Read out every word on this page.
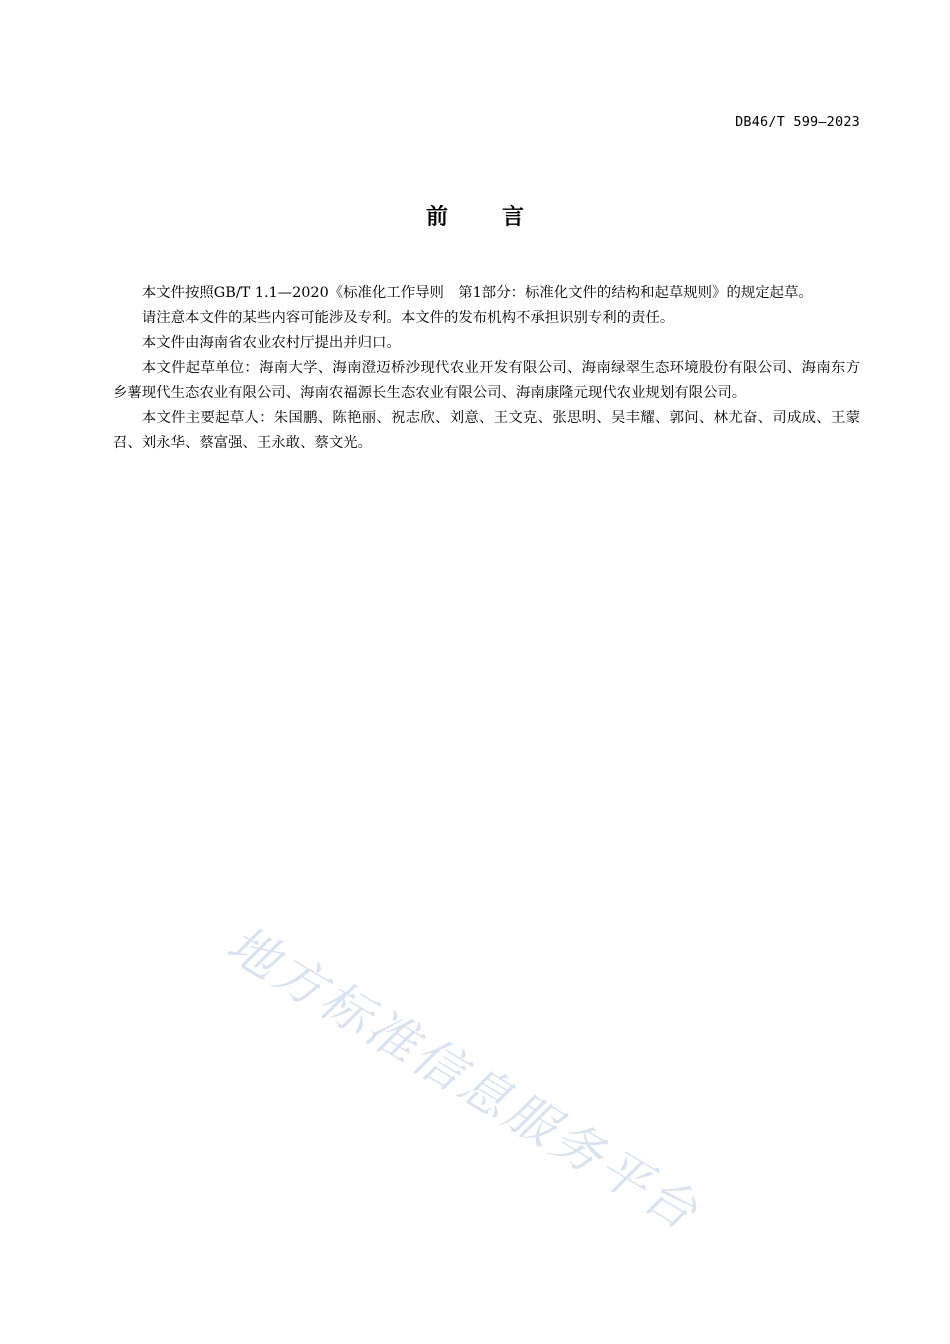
DB46/T 599—2023
前言

本文件按照GB/T 1.1—2020《标准化工作导则　第1部分：标准化文件的结构和起草规则》的规定起草。

请注意本文件的某些内容可能涉及专利。本文件的发布机构不承担识别专利的责任。

本文件由海南省农业农村厅提出并归口。

本文件起草单位：海南大学、海南澄迈桥沙现代农业开发有限公司、海南绿翠生态环境股份有限公司、海南东方乡薯现代生态农业有限公司、海南农福源长生态农业有限公司、海南康隆元现代农业规划有限公司。

本文件主要起草人：朱国鹏、陈艳丽、祝志欣、刘意、王文克、张思明、吴丰耀、郭问、林尤奋、司成成、王蒙召、刘永华、蔡富强、王永敢、蔡文光。

地方标准信息服务平台
